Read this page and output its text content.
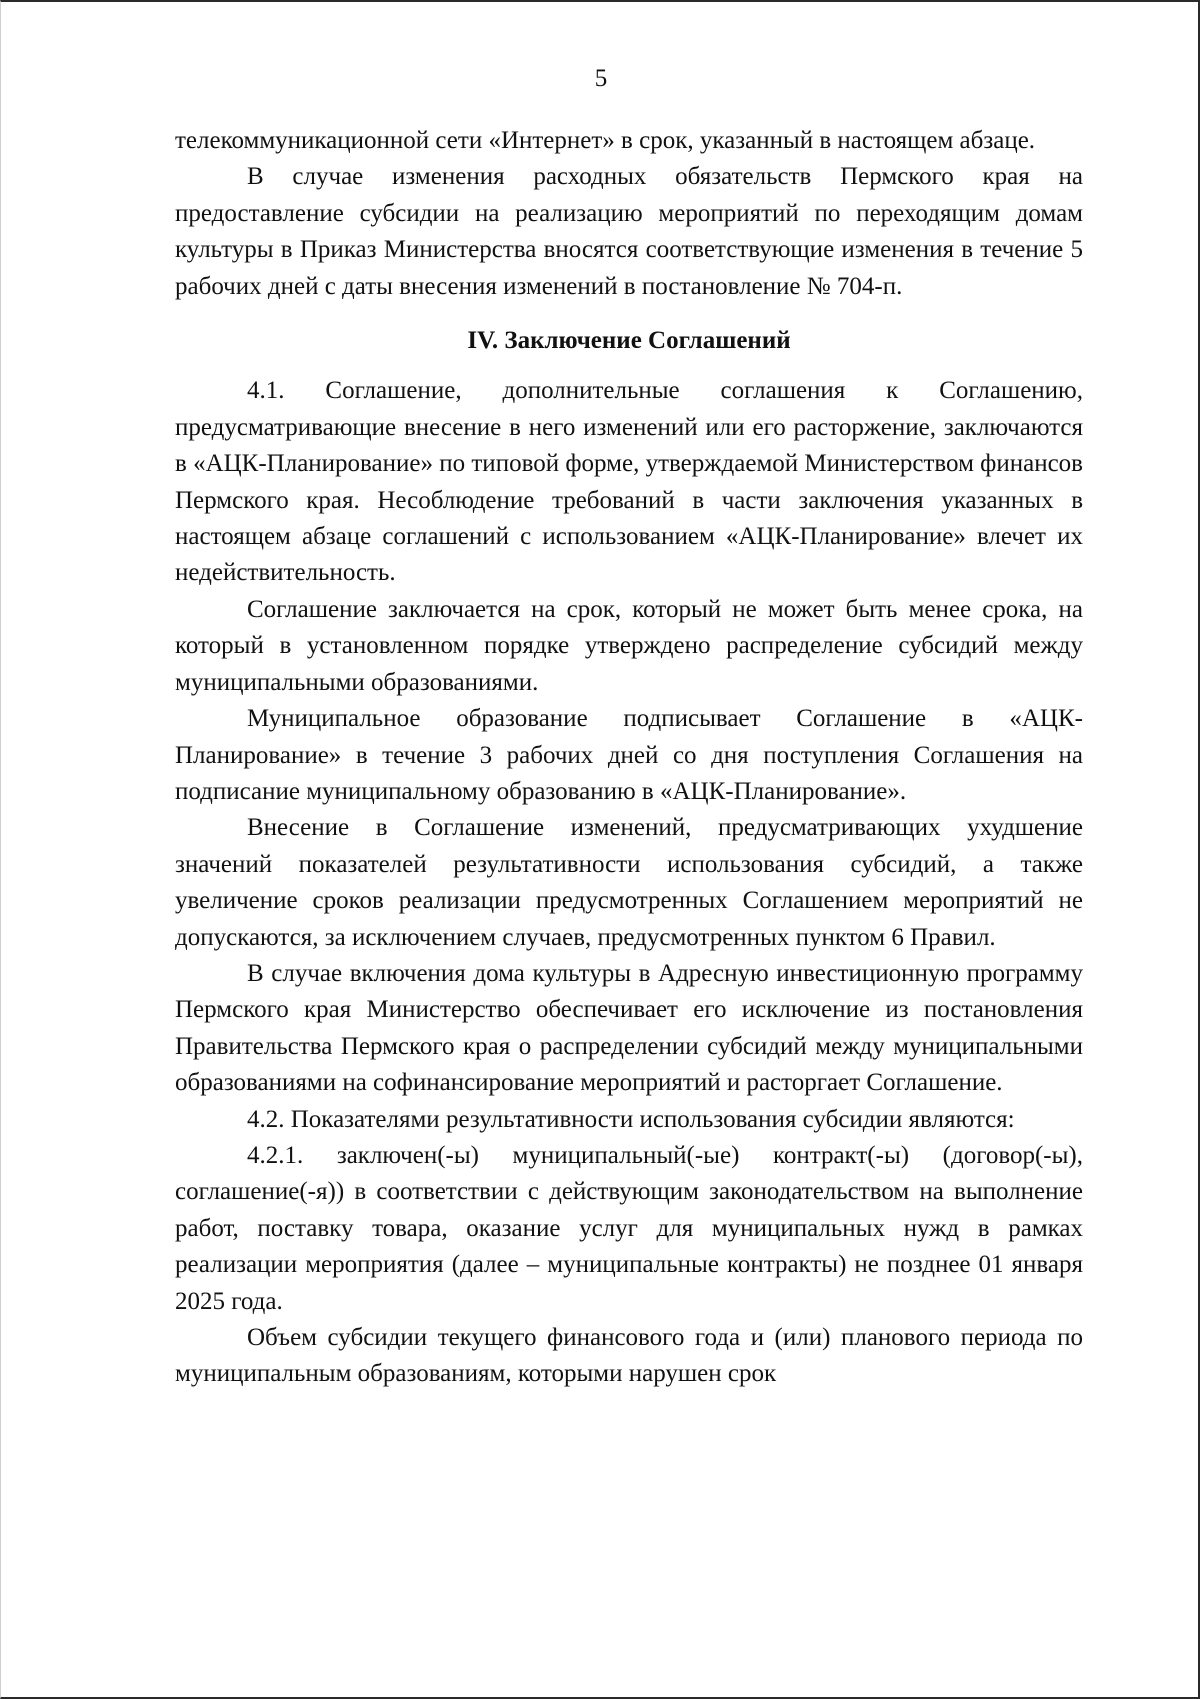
5

телекоммуникационной сети «Интернет» в срок, указанный в настоящем абзаце.

В случае изменения расходных обязательств Пермского края на предоставление субсидии на реализацию мероприятий по переходящим домам культуры в Приказ Министерства вносятся соответствующие изменения в течение 5 рабочих дней с даты внесения изменений в постановление № 704-п.

IV. Заключение Соглашений

4.1. Соглашение, дополнительные соглашения к Соглашению, предусматривающие внесение в него изменений или его расторжение, заключаются в «АЦК-Планирование» по типовой форме, утверждаемой Министерством финансов Пермского края. Несоблюдение требований в части заключения указанных в настоящем абзаце соглашений с использованием «АЦК-Планирование» влечет их недействительность.

Соглашение заключается на срок, который не может быть менее срока, на который в установленном порядке утверждено распределение субсидий между муниципальными образованиями.

Муниципальное образование подписывает Соглашение в «АЦК-Планирование» в течение 3 рабочих дней со дня поступления Соглашения на подписание муниципальному образованию в «АЦК-Планирование».

Внесение в Соглашение изменений, предусматривающих ухудшение значений показателей результативности использования субсидий, а также увеличение сроков реализации предусмотренных Соглашением мероприятий не допускаются, за исключением случаев, предусмотренных пунктом 6 Правил.

В случае включения дома культуры в Адресную инвестиционную программу Пермского края Министерство обеспечивает его исключение из постановления Правительства Пермского края о распределении субсидий между муниципальными образованиями на софинансирование мероприятий и расторгает Соглашение.

4.2. Показателями результативности использования субсидии являются:

4.2.1. заключен(-ы) муниципальный(-ые) контракт(-ы) (договор(-ы), соглашение(-я)) в соответствии с действующим законодательством на выполнение работ, поставку товара, оказание услуг для муниципальных нужд в рамках реализации мероприятия (далее – муниципальные контракты) не позднее 01 января 2025 года.

Объем субсидии текущего финансового года и (или) планового периода по муниципальным образованиям, которыми нарушен срок
